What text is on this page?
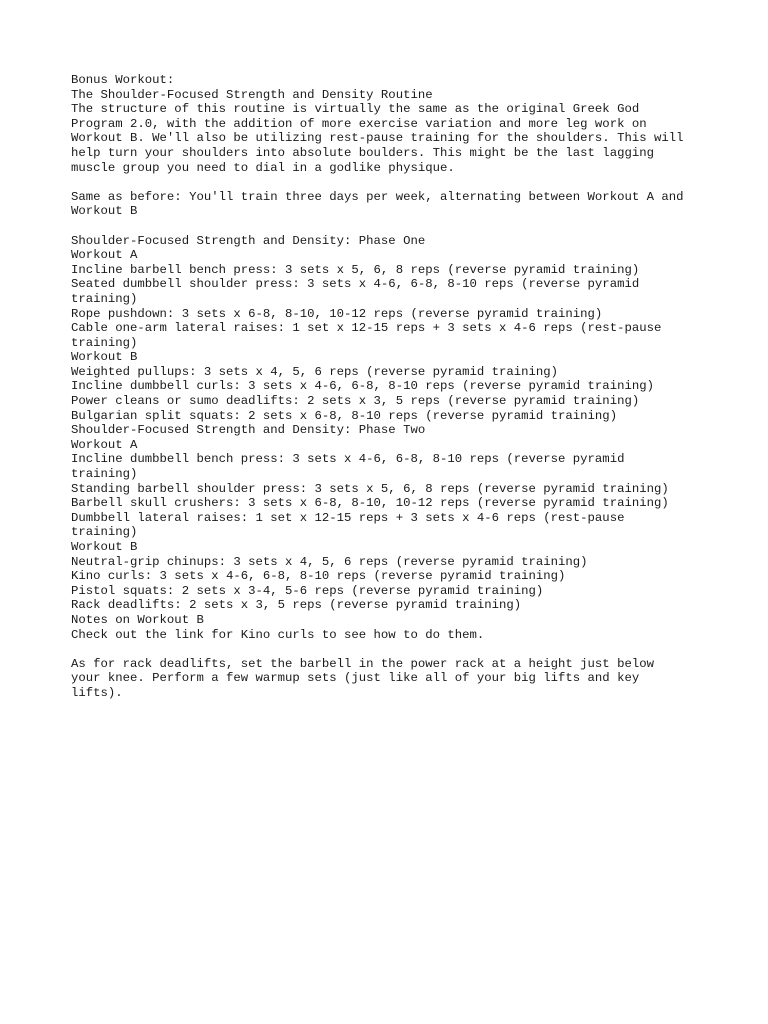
Bonus Workout:
The Shoulder-Focused Strength and Density Routine
The structure of this routine is virtually the same as the original Greek God
Program 2.0, with the addition of more exercise variation and more leg work on
Workout B. We'll also be utilizing rest-pause training for the shoulders. This will
help turn your shoulders into absolute boulders. This might be the last lagging
muscle group you need to dial in a godlike physique.
Same as before: You'll train three days per week, alternating between Workout A and
Workout B
Shoulder-Focused Strength and Density: Phase One
Workout A
Incline barbell bench press: 3 sets x 5, 6, 8 reps (reverse pyramid training)
Seated dumbbell shoulder press: 3 sets x 4-6, 6-8, 8-10 reps (reverse pyramid
training)
Rope pushdown: 3 sets x 6-8, 8-10, 10-12 reps (reverse pyramid training)
Cable one-arm lateral raises: 1 set x 12-15 reps + 3 sets x 4-6 reps (rest-pause
training)
Workout B
Weighted pullups: 3 sets x 4, 5, 6 reps (reverse pyramid training)
Incline dumbbell curls: 3 sets x 4-6, 6-8, 8-10 reps (reverse pyramid training)
Power cleans or sumo deadlifts: 2 sets x 3, 5 reps (reverse pyramid training)
Bulgarian split squats: 2 sets x 6-8, 8-10 reps (reverse pyramid training)
Shoulder-Focused Strength and Density: Phase Two
Workout A
Incline dumbbell bench press: 3 sets x 4-6, 6-8, 8-10 reps (reverse pyramid
training)
Standing barbell shoulder press: 3 sets x 5, 6, 8 reps (reverse pyramid training)
Barbell skull crushers: 3 sets x 6-8, 8-10, 10-12 reps (reverse pyramid training)
Dumbbell lateral raises: 1 set x 12-15 reps + 3 sets x 4-6 reps (rest-pause
training)
Workout B
Neutral-grip chinups: 3 sets x 4, 5, 6 reps (reverse pyramid training)
Kino curls: 3 sets x 4-6, 6-8, 8-10 reps (reverse pyramid training)
Pistol squats: 2 sets x 3-4, 5-6 reps (reverse pyramid training)
Rack deadlifts: 2 sets x 3, 5 reps (reverse pyramid training)
Notes on Workout B
Check out the link for Kino curls to see how to do them.
As for rack deadlifts, set the barbell in the power rack at a height just below
your knee. Perform a few warmup sets (just like all of your big lifts and key
lifts).
